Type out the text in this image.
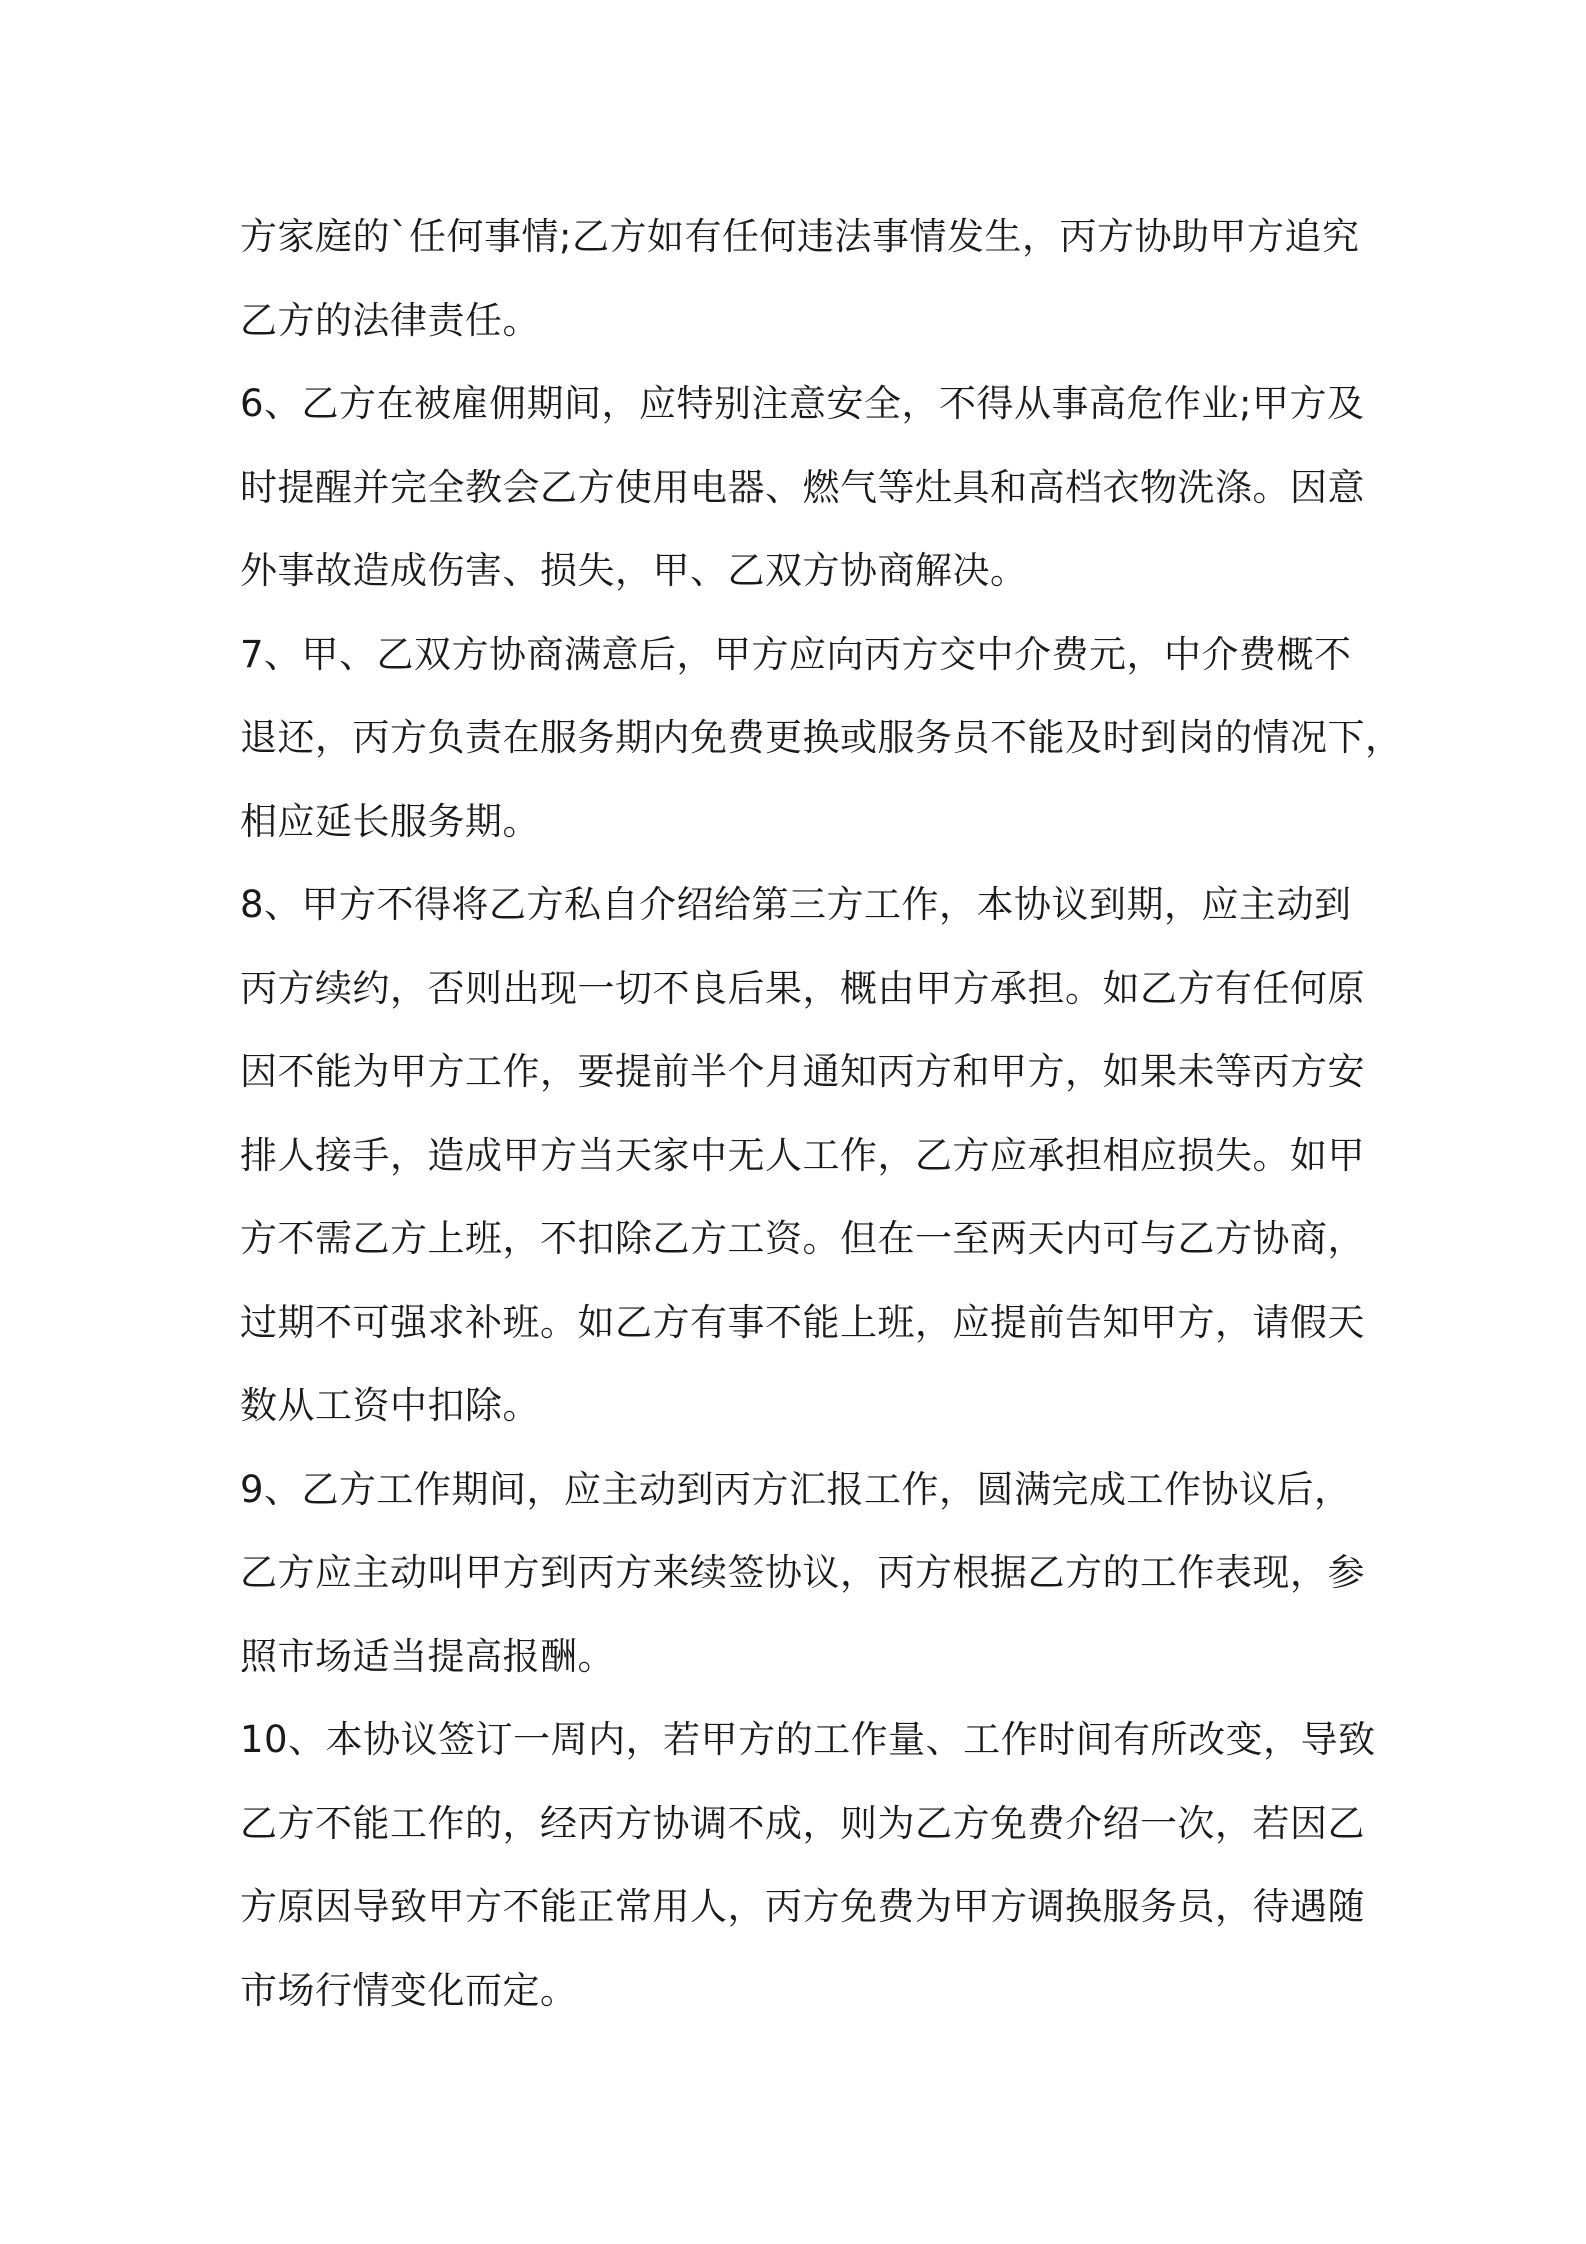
方家庭的`任何事情;乙方如有任何违法事情发生，丙方协助甲方追究
乙方的法律责任。
6、乙方在被雇佣期间，应特别注意安全，不得从事高危作业;甲方及
时提醒并完全教会乙方使用电器、燃气等灶具和高档衣物洗涤。因意
外事故造成伤害、损失，甲、乙双方协商解决。
7、甲、乙双方协商满意后，甲方应向丙方交中介费元，中介费概不
退还，丙方负责在服务期内免费更换或服务员不能及时到岗的情况下，
相应延长服务期。
8、甲方不得将乙方私自介绍给第三方工作，本协议到期，应主动到
丙方续约，否则出现一切不良后果，概由甲方承担。如乙方有任何原
因不能为甲方工作，要提前半个月通知丙方和甲方，如果未等丙方安
排人接手，造成甲方当天家中无人工作，乙方应承担相应损失。如甲
方不需乙方上班，不扣除乙方工资。但在一至两天内可与乙方协商，
过期不可强求补班。如乙方有事不能上班，应提前告知甲方，请假天
数从工资中扣除。
9、乙方工作期间，应主动到丙方汇报工作，圆满完成工作协议后，
乙方应主动叫甲方到丙方来续签协议，丙方根据乙方的工作表现，参
照市场适当提高报酬。
10、本协议签订一周内，若甲方的工作量、工作时间有所改变，导致
乙方不能工作的，经丙方协调不成，则为乙方免费介绍一次，若因乙
方原因导致甲方不能正常用人，丙方免费为甲方调换服务员，待遇随
市场行情变化而定。
